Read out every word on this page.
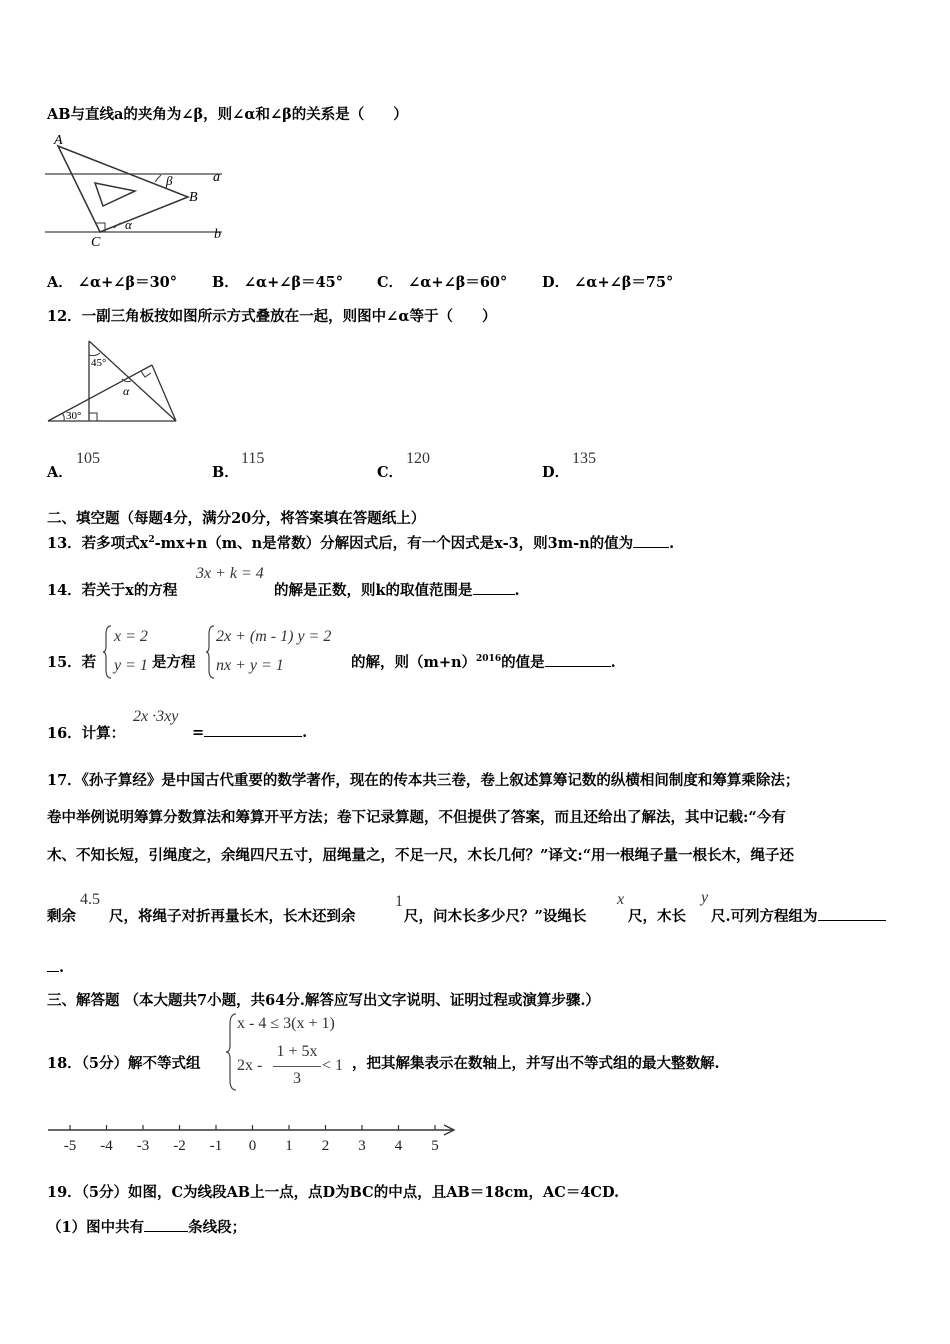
AB与直线a的夹角为∠β，则∠α和∠β的关系是（　　）
A
B
C
a
b
α
β
A． ∠α+∠β＝30° B． ∠α+∠β＝45° C． ∠α+∠β＝60° D． ∠α+∠β＝75°
12．一副三角板按如图所示方式叠放在一起，则图中∠α等于（　　）
45°
30°
α
A．
105
B．
115
C．
120
D．
135
二、填空题（每题4分，满分20分，将答案填在答题纸上）
13．若多项式$x^2-mx+n(m$、n是常数）分解因式后，有一个因式是x-3，则3m-n的值为 .
14．若关于x的方程
3x + k = 4
的解是正数，则k的取值范围是	.
15．若
x = 2
y = 1 是方程
2x + (m - 1) y = 2
nx + y = 1	的解，则$(m+n)^{2016}$的值是	.
16．计算：
2x ·3xy
=	.
17．《孙子算经》是中国古代重要的数学著作，现在的传本共三卷，卷上叙述算筹记数的纵横相间制度和筹算乘除法；
卷中举例说明筹算分数算法和筹算开平方法；卷下记录算题，不但提供了答案，而且还给出了解法，其中记载:“今有
木、不知长短，引绳度之，余绳四尺五寸，屈绳量之，不足一尺，木长几何？”译文:“用一根绳子量一根长木，绳子还
剩余
4.5
尺，将绳子对折再量长木，长木还到余
1
尺，问木长多少尺？”设绳长
x
尺，木长
y
尺.可列方程组为
.
三、解答题 （本大题共7小题，共64分.解答应写出文字说明、证明过程或演算步骤.）
18．（5分）解不等式组
x - 4 ≤ 3(x + 1)
2x -
1 + 5x
3
< 1 ，把其解集表示在数轴上，并写出不等式组的最大整数解.
-5 -4 -3 -2 -1 0 1 2 3 4 5
19．（5分）如图，C为线段AB上一点，点D为BC的中点，且AB＝18cm，AC＝4CD.
（1）图中共有	条线段；
